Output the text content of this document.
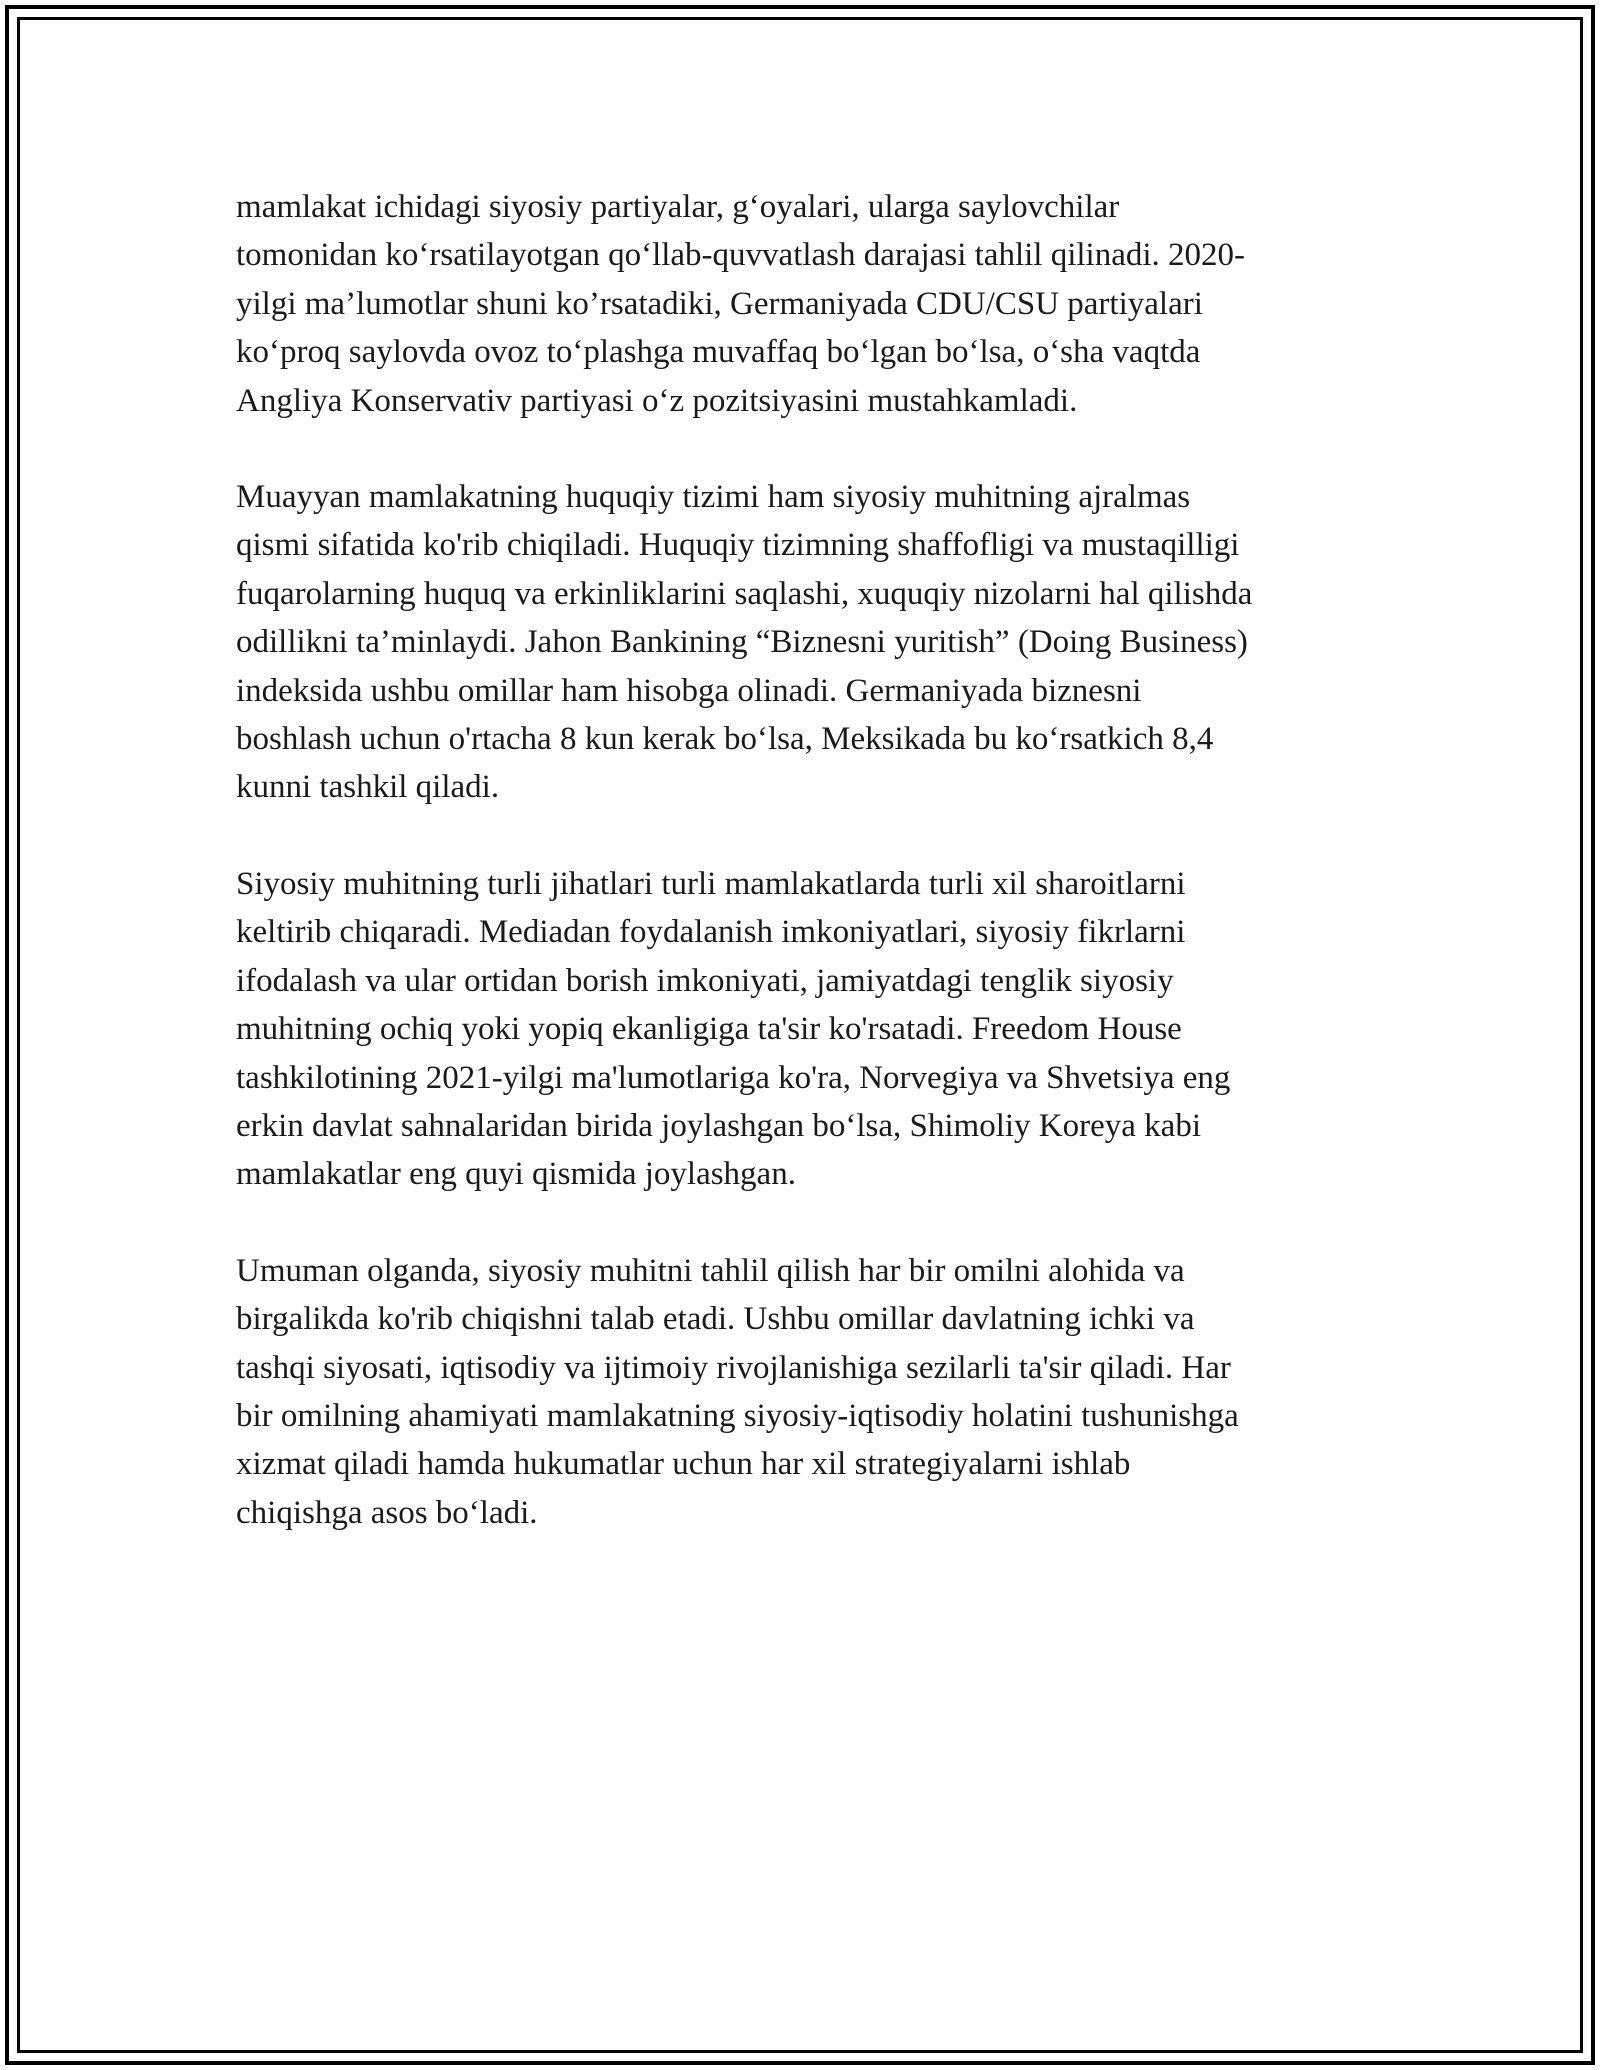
mamlakat ichidagi siyosiy partiyalar, g‘oyalari, ularga saylovchilar
tomonidan ko‘rsatilayotgan qo‘llab-quvvatlash darajasi tahlil qilinadi. 2020-
yilgi ma’lumotlar shuni ko’rsatadiki, Germaniyada CDU/CSU partiyalari
ko‘proq saylovda ovoz to‘plashga muvaffaq bo‘lgan bo‘lsa, o‘sha vaqtda
Angliya Konservativ partiyasi o‘z pozitsiyasini mustahkamladi.

Muayyan mamlakatning huquqiy tizimi ham siyosiy muhitning ajralmas
qismi sifatida ko'rib chiqiladi. Huquqiy tizimning shaffofligi va mustaqilligi
fuqarolarning huquq va erkinliklarini saqlashi, xuquqiy nizolarni hal qilishda
odillikni ta’minlaydi. Jahon Bankining “Biznesni yuritish” (Doing Business)
indeksida ushbu omillar ham hisobga olinadi. Germaniyada biznesni
boshlash uchun o'rtacha 8 kun kerak bo‘lsa, Meksikada bu ko‘rsatkich 8,4
kunni tashkil qiladi.

Siyosiy muhitning turli jihatlari turli mamlakatlarda turli xil sharoitlarni
keltirib chiqaradi. Mediadan foydalanish imkoniyatlari, siyosiy fikrlarni
ifodalash va ular ortidan borish imkoniyati, jamiyatdagi tenglik siyosiy
muhitning ochiq yoki yopiq ekanligiga ta'sir ko'rsatadi. Freedom House
tashkilotining 2021-yilgi ma'lumotlariga ko'ra, Norvegiya va Shvetsiya eng
erkin davlat sahnalaridan birida joylashgan bo‘lsa, Shimoliy Koreya kabi
mamlakatlar eng quyi qismida joylashgan.

Umuman olganda, siyosiy muhitni tahlil qilish har bir omilni alohida va
birgalikda ko'rib chiqishni talab etadi. Ushbu omillar davlatning ichki va
tashqi siyosati, iqtisodiy va ijtimoiy rivojlanishiga sezilarli ta'sir qiladi. Har
bir omilning ahamiyati mamlakatning siyosiy-iqtisodiy holatini tushunishga
xizmat qiladi hamda hukumatlar uchun har xil strategiyalarni ishlab
chiqishga asos bo‘ladi.
